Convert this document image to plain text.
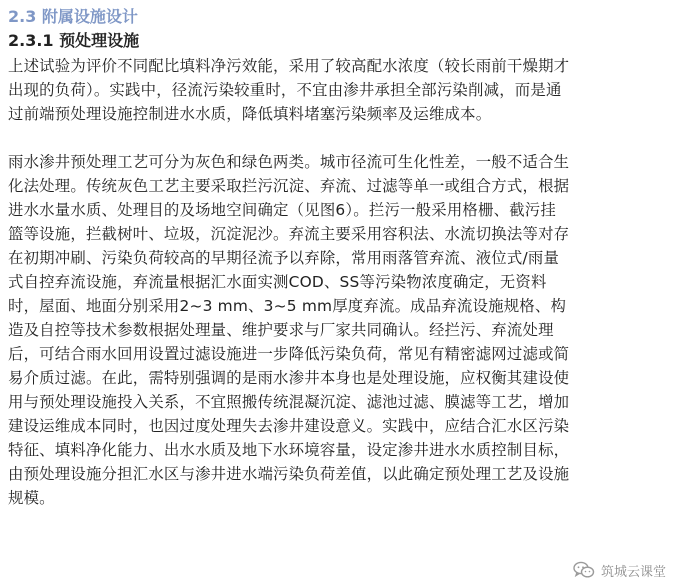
2.3 附属设施设计
2.3.1 预处理设施
上述试验为评价不同配比填料净污效能，采用了较高配水浓度（较长雨前干燥期才
出现的负荷）。实践中，径流污染较重时，不宜由渗井承担全部污染削减，而是通
过前端预处理设施控制进水水质，降低填料堵塞污染频率及运维成本。
雨水渗井预处理工艺可分为灰色和绿色两类。城市径流可生化性差，一般不适合生
化法处理。传统灰色工艺主要采取拦污沉淀、弃流、过滤等单一或组合方式，根据
进水水量水质、处理目的及场地空间确定（见图6）。拦污一般采用格栅、截污挂
篮等设施，拦截树叶、垃圾，沉淀泥沙。弃流主要采用容积法、水流切换法等对存
在初期冲刷、污染负荷较高的早期径流予以弃除，常用雨落管弃流、液位式/雨量
式自控弃流设施，弃流量根据汇水面实测COD、SS等污染物浓度确定，无资料
时，屋面、地面分别采用2~3 mm、3~5 mm厚度弃流。成品弃流设施规格、构
造及自控等技术参数根据处理量、维护要求与厂家共同确认。经拦污、弃流处理
后，可结合雨水回用设置过滤设施进一步降低污染负荷，常见有精密滤网过滤或简
易介质过滤。在此，需特别强调的是雨水渗井本身也是处理设施，应权衡其建设使
用与预处理设施投入关系，不宜照搬传统混凝沉淀、滤池过滤、膜滤等工艺，增加
建设运维成本同时，也因过度处理失去渗井建设意义。实践中，应结合汇水区污染
特征、填料净化能力、出水水质及地下水环境容量，设定渗井进水水质控制目标，
由预处理设施分担汇水区与渗井进水端污染负荷差值，以此确定预处理工艺及设施
规模。
筑城云课堂
